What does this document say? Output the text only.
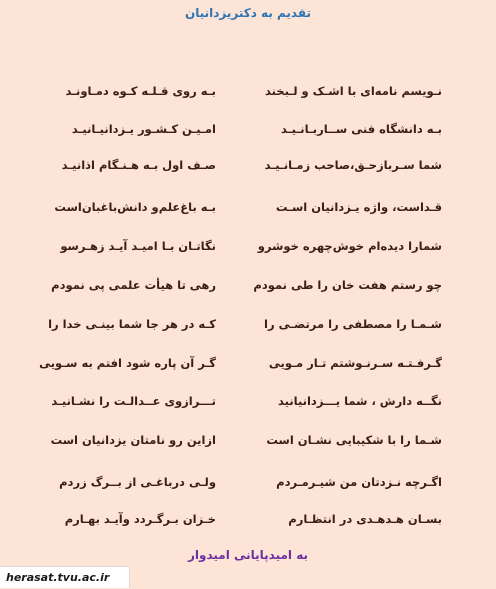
تقدیم به دکتریزدانیان
نـویسم نامه‌ای با اشـک و لـبخند
بـه روی قـلـه کـوه دمـاونـد
بـه دانشگاه فنی ســاربـانـیـد
امـیـن کـشـور یـزدانیـانیـد
شما سـربازحـق،صاحب زمـانـیـد
صـف اول بـه هـنـگام اذانیـد
قـداست، واژه یـزدانیان اسـت
بـه باغ‌علم‌و دانش‌باغبان‌است
شمارا دیده‌ام‌ خوش‌چهره خوشرو
نگاتـان بـا امیـد آیـد زهـرسو
چو رستم هفت خان را طی نمودم
رهی تا هیأت علمی پی نمودم
شـمـا را مصطفی را مرتضـی را
کـه در هر جا شما بینـی خدا را
گـرفـتـه سـرنـوشتم تـار مـویی
گـر آن پاره شود افتم به سـویی
نگــه دارش ، شما یـــزدانیانید
تـــرازوی عــدالـت را نشـانیـد
شـما را با شکیبایی نشـان است
ازاین رو نامتان یزدانیان است
اگـرچه نـزدتان من شیـرمـردم
ولـی درباغـی از بــرگ زردم
بسـان هـدهـدی در انتظـارم
خـزان بـرگـردد وآیـد بهـارم
به امیدپایانی امیدوار
herasat.tvu.ac.ir
